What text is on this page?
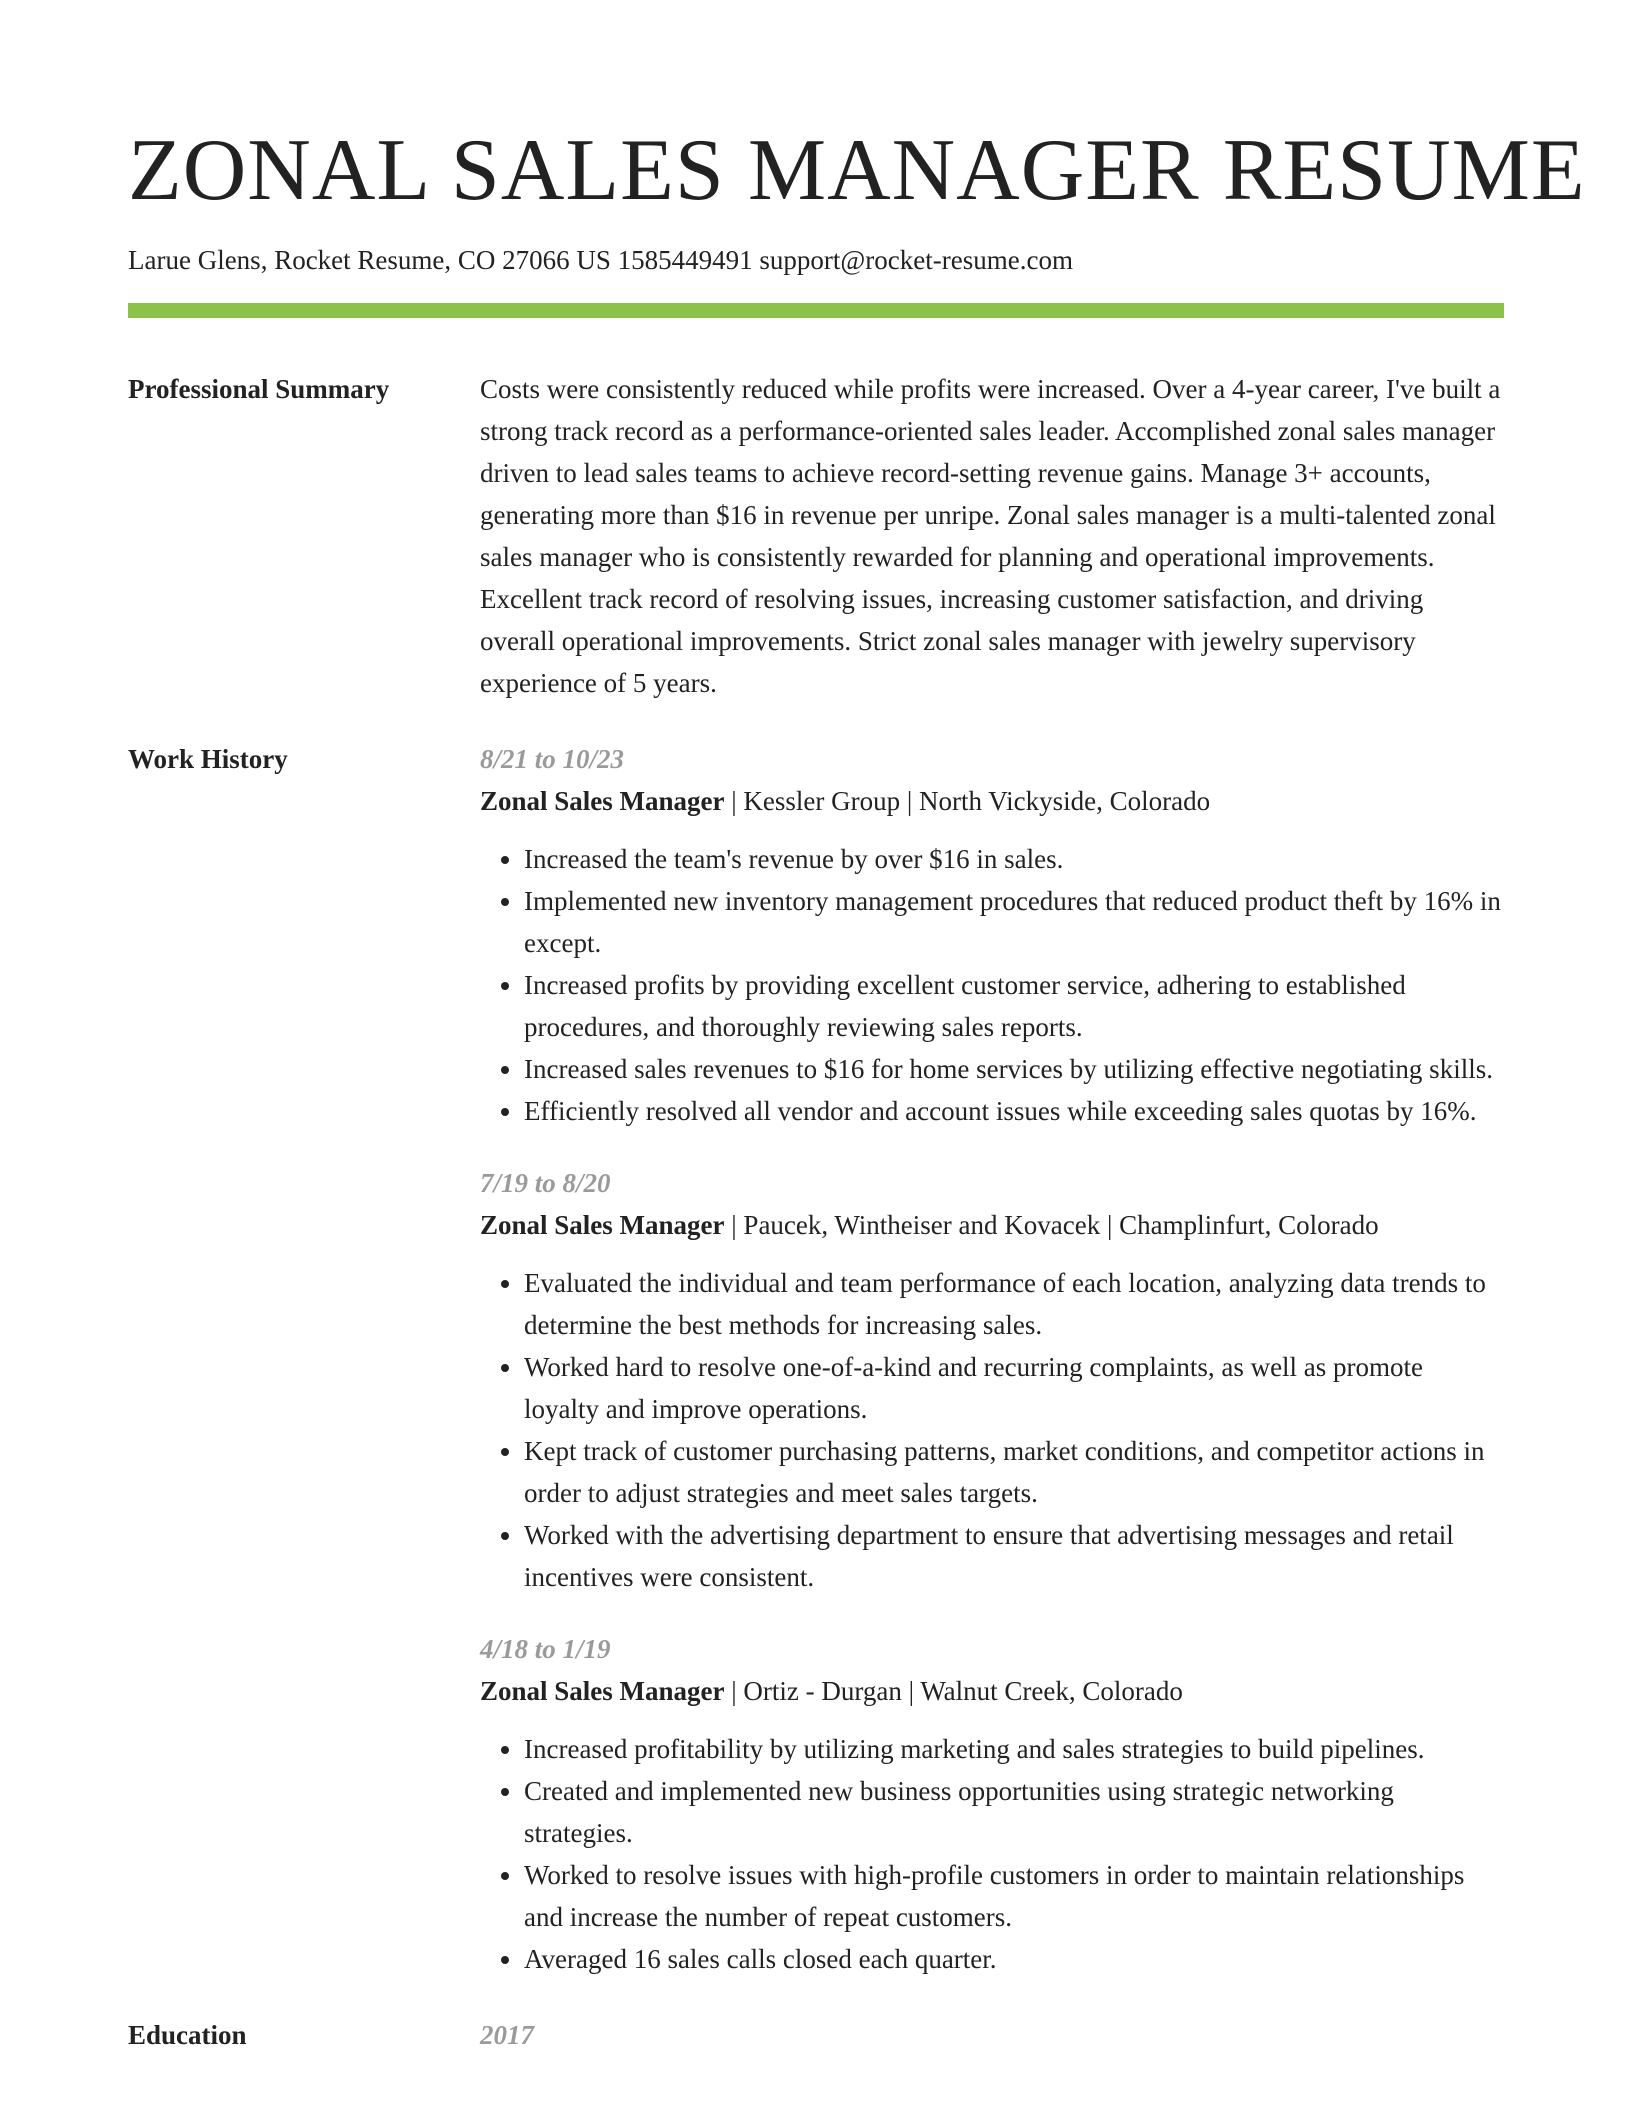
ZONAL SALES MANAGER RESUME
Larue Glens, Rocket Resume, CO 27066 US 1585449491 support@rocket-resume.com
Professional Summary	Costs were consistently reduced while profits were increased. Over a 4-year career, I've built a strong track record as a performance-oriented sales leader. Accomplished zonal sales manager driven to lead sales teams to achieve record-setting revenue gains. Manage 3+ accounts, generating more than $16 in revenue per unripe. Zonal sales manager is a multi-talented zonal sales manager who is consistently rewarded for planning and operational improvements. Excellent track record of resolving issues, increasing customer satisfaction, and driving overall operational improvements. Strict zonal sales manager with jewelry supervisory experience of 5 years.

Work History	8/21 to 10/23
Zonal Sales Manager | Kessler Group | North Vickyside, Colorado
• Increased the team's revenue by over $16 in sales.
• Implemented new inventory management procedures that reduced product theft by 16% in except.
• Increased profits by providing excellent customer service, adhering to established procedures, and thoroughly reviewing sales reports.
• Increased sales revenues to $16 for home services by utilizing effective negotiating skills.
• Efficiently resolved all vendor and account issues while exceeding sales quotas by 16%.
7/19 to 8/20
Zonal Sales Manager | Paucek, Wintheiser and Kovacek | Champlinfurt, Colorado
• Evaluated the individual and team performance of each location, analyzing data trends to determine the best methods for increasing sales.
• Worked hard to resolve one-of-a-kind and recurring complaints, as well as promote loyalty and improve operations.
• Kept track of customer purchasing patterns, market conditions, and competitor actions in order to adjust strategies and meet sales targets.
• Worked with the advertising department to ensure that advertising messages and retail incentives were consistent.
4/18 to 1/19
Zonal Sales Manager | Ortiz - Durgan | Walnut Creek, Colorado
• Increased profitability by utilizing marketing and sales strategies to build pipelines.
• Created and implemented new business opportunities using strategic networking strategies.
• Worked to resolve issues with high-profile customers in order to maintain relationships and increase the number of repeat customers.
• Averaged 16 sales calls closed each quarter.
Education	2017
